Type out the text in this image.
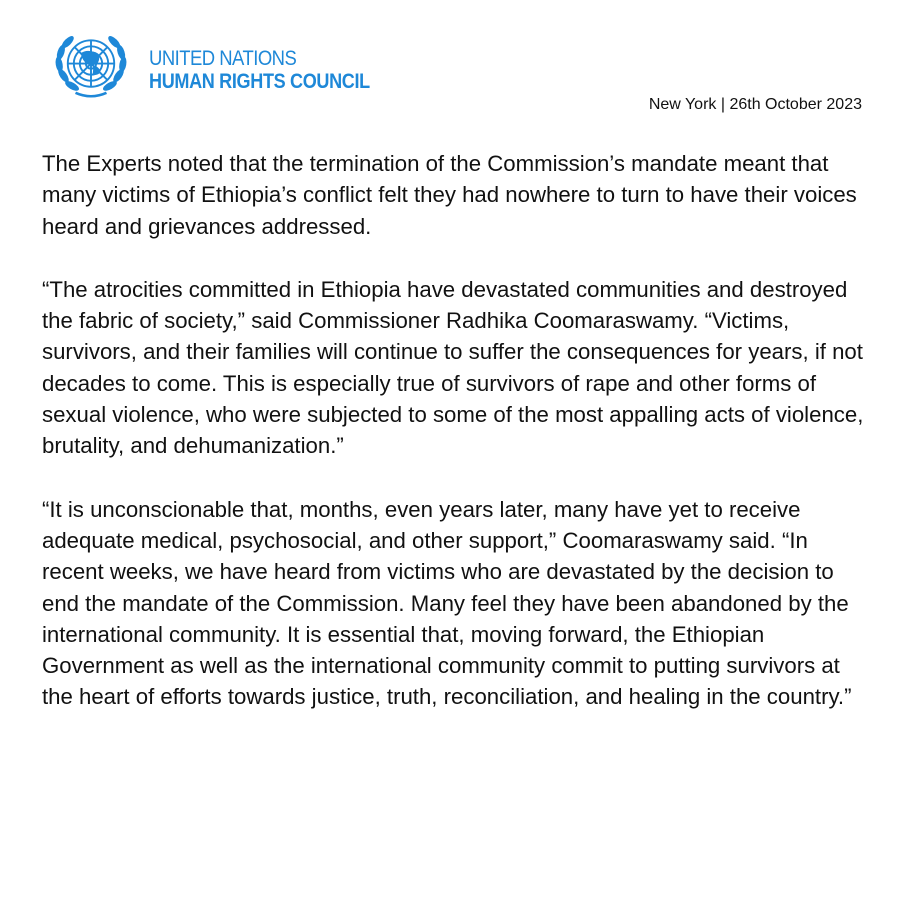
UNITED NATIONS
HUMAN RIGHTS COUNCIL
New York | 26th October 2023

The Experts noted that the termination of the Commission’s mandate meant that many victims of Ethiopia’s conflict felt they had nowhere to turn to have their voices heard and grievances addressed.

“The atrocities committed in Ethiopia have devastated communities and destroyed the fabric of society,” said Commissioner Radhika Coomaraswamy. “Victims, survivors, and their families will continue to suffer the consequences for years, if not decades to come. This is especially true of survivors of rape and other forms of sexual violence, who were subjected to some of the most appalling acts of violence, brutality, and dehumanization.”

“It is unconscionable that, months, even years later, many have yet to receive adequate medical, psychosocial, and other support,” Coomaraswamy said. “In recent weeks, we have heard from victims who are devastated by the decision to end the mandate of the Commission. Many feel they have been abandoned by the international community. It is essential that, moving forward, the Ethiopian Government as well as the international community commit to putting survivors at the heart of efforts towards justice, truth, reconciliation, and healing in the country.”
